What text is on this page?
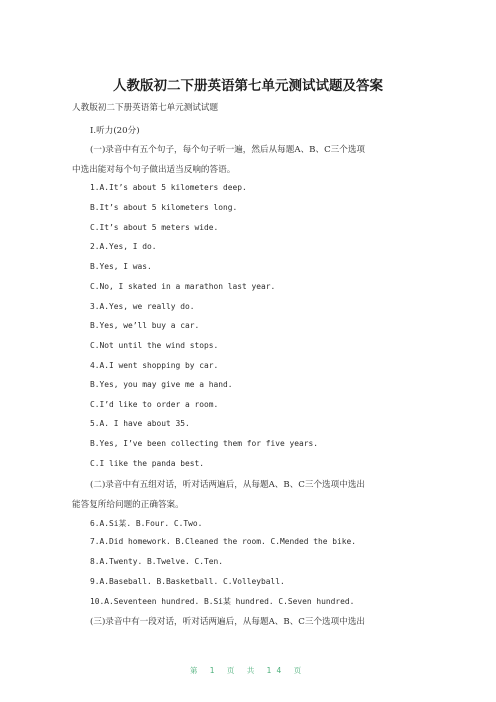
人教版初二下册英语第七单元测试试题及答案
人教版初二下册英语第七单元测试试题
Ⅰ.听力(20分)
(一)录音中有五个句子，每个句子听一遍，然后从每题A、B、C三个选项
中选出能对每个句子做出适当反响的答语。
1.A.It’s about 5 kilometers deep.
B.It’s about 5 kilometers long.
C.It’s about 5 meters wide.
2.A.Yes, I do.
B.Yes, I was.
C.No, I skated in a marathon last year.
3.A.Yes, we really do.
B.Yes, we’ll buy a car.
C.Not until the wind stops.
4.A.I went shopping by car.
B.Yes, you may give me a hand.
C.I’d like to order a room.
5.A. I have about 35.
B.Yes, I’ve been collecting them for five years.
C.I like the panda best.
(二)录音中有五组对话，听对话两遍后，从每题A、B、C三个选项中选出
能答复所给问题的正确答案。
6.A.Si某. B.Four. C.Two.
7.A.Did homework. B.Cleaned the room. C.Mended the bike.
8.A.Twenty. B.Twelve. C.Ten.
9.A.Baseball. B.Basketball. C.Volleyball.
10.A.Seventeen hundred. B.Si某 hundred. C.Seven hundred.
(三)录音中有一段对话，听对话两遍后，从每题A、B、C三个选项中选出
第 1 页 共 14 页
